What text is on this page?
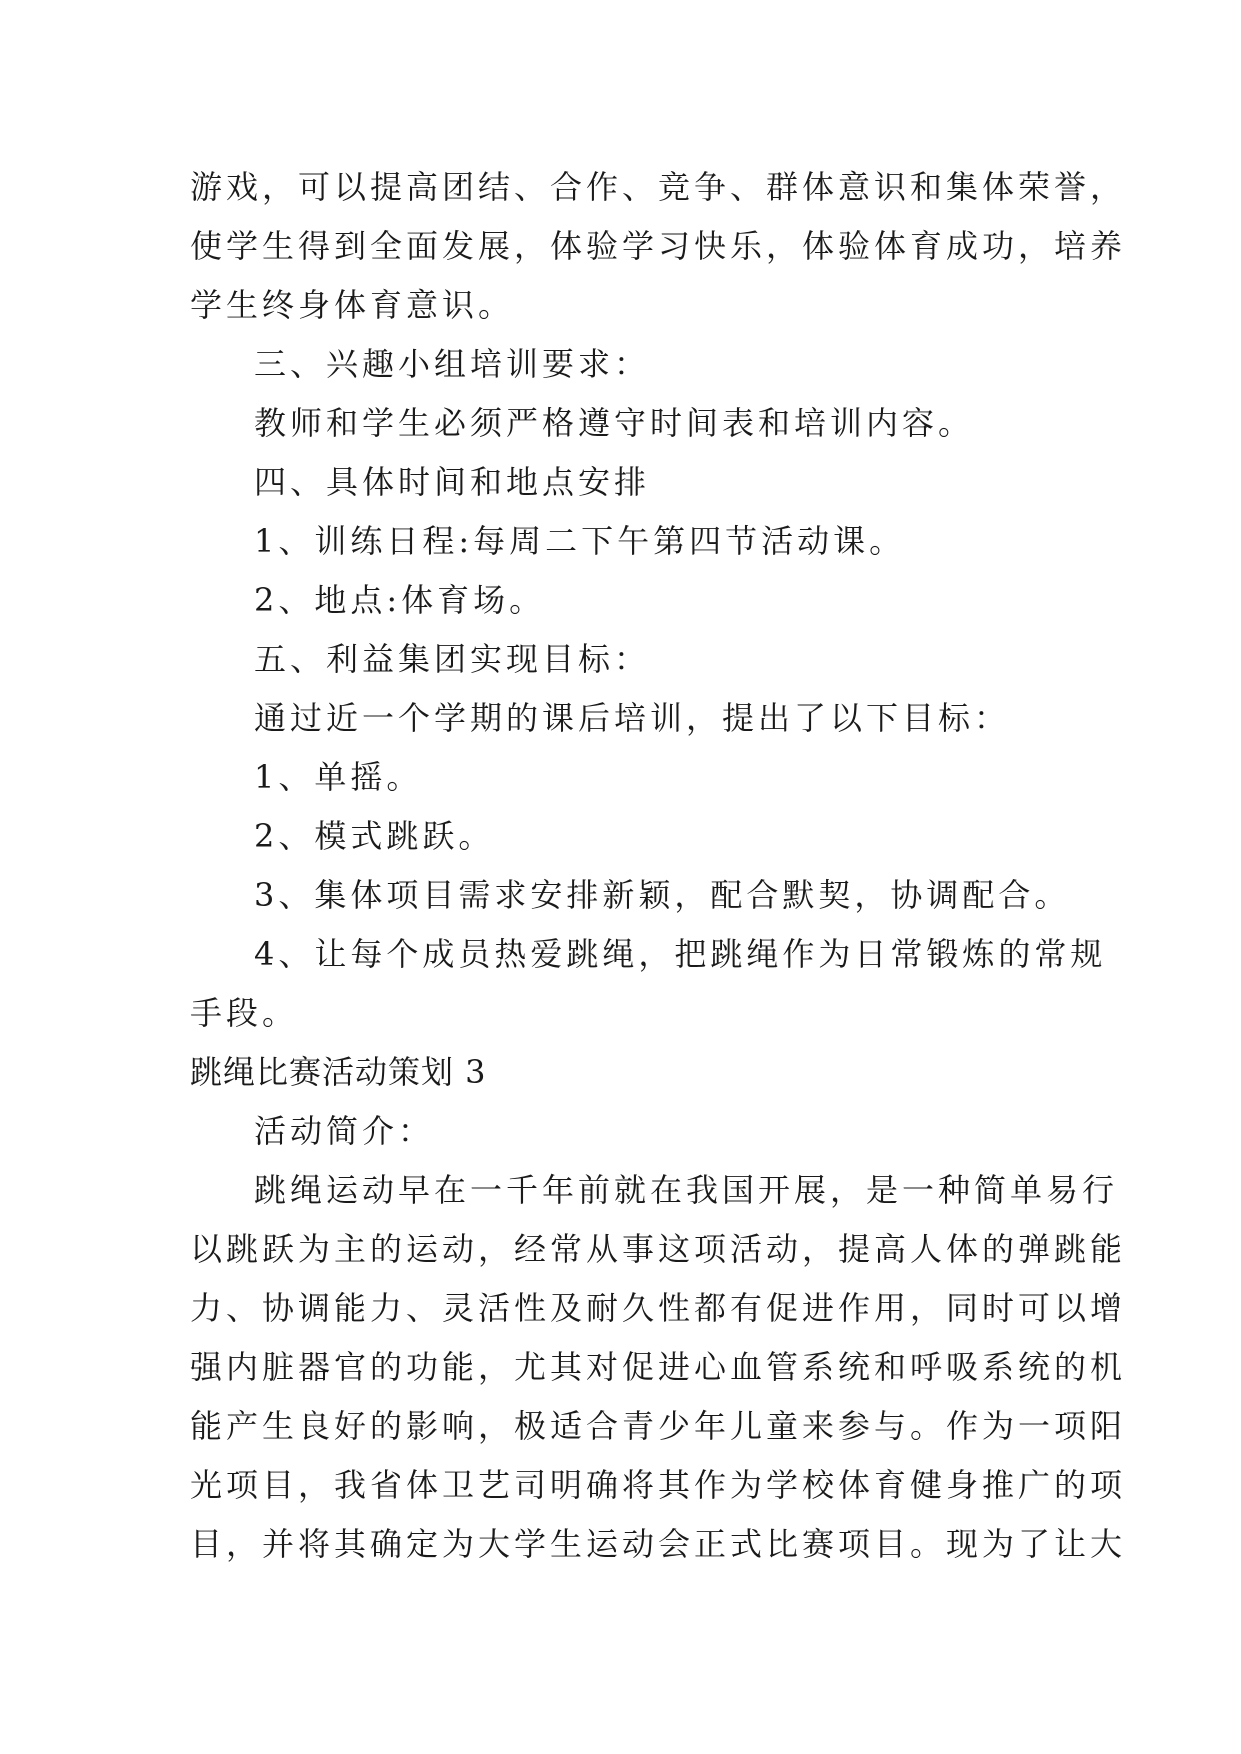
游戏，可以提高团结、合作、竞争、群体意识和集体荣誉，
使学生得到全面发展，体验学习快乐，体验体育成功，培养
学生终身体育意识。
三、兴趣小组培训要求：
教师和学生必须严格遵守时间表和培训内容。
四、具体时间和地点安排
1、训练日程:每周二下午第四节活动课。
2、地点:体育场。
五、利益集团实现目标：
通过近一个学期的课后培训，提出了以下目标：
1、单摇。
2、模式跳跃。
3、集体项目需求安排新颖，配合默契，协调配合。
4、让每个成员热爱跳绳，把跳绳作为日常锻炼的常规
手段。
跳绳比赛活动策划 3
活动简介：
跳绳运动早在一千年前就在我国开展，是一种简单易行
以跳跃为主的运动，经常从事这项活动，提高人体的弹跳能
力、协调能力、灵活性及耐久性都有促进作用，同时可以增
强内脏器官的功能，尤其对促进心血管系统和呼吸系统的机
能产生良好的影响，极适合青少年儿童来参与。作为一项阳
光项目，我省体卫艺司明确将其作为学校体育健身推广的项
目，并将其确定为大学生运动会正式比赛项目。现为了让大
